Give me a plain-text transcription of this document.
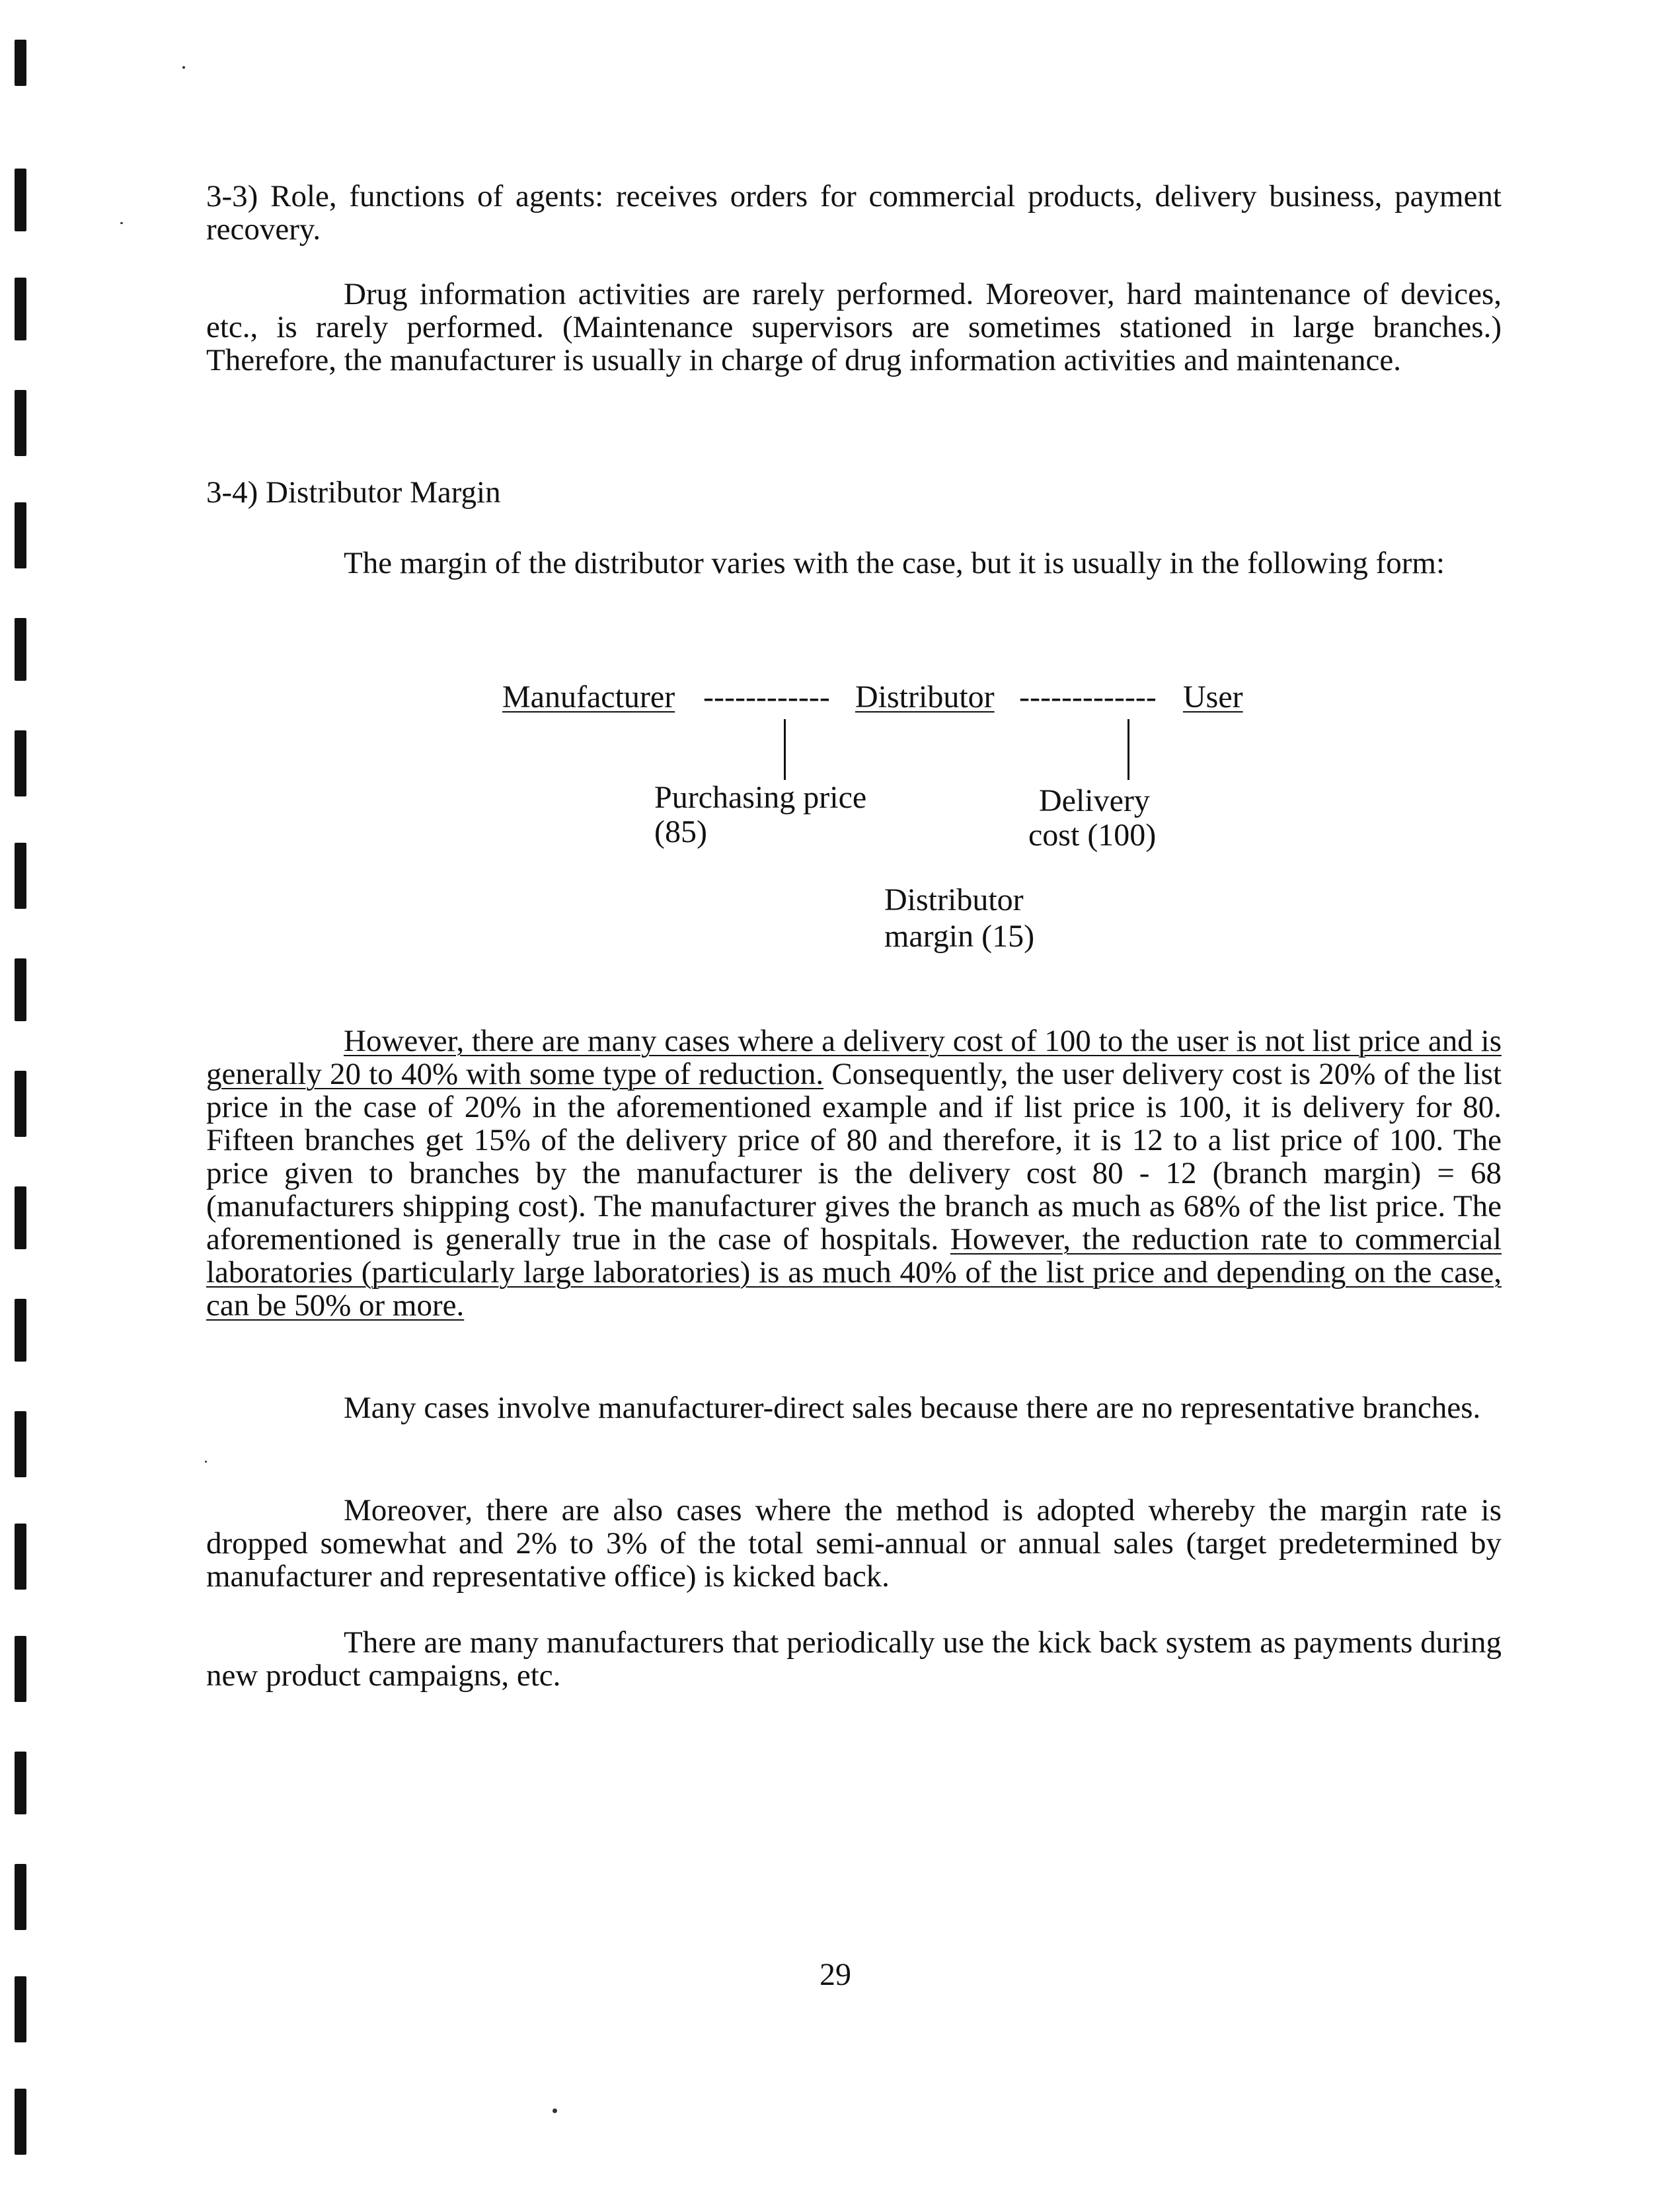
3-3) Role, functions of agents: receives orders for commercial products, delivery business, payment recovery.
Drug information activities are rarely performed. Moreover, hard maintenance of devices, etc., is rarely performed. (Maintenance supervisors are sometimes stationed in large branches.) Therefore, the manufacturer is usually in charge of drug information activities and maintenance.
3-4) Distributor Margin
The margin of the distributor varies with the case, but it is usually in the following form:
Manufacturer ------------ Distributor ------------- User
Purchasing price
(85)
Delivery
cost (100)
Distributor
margin (15)
However, there are many cases where a delivery cost of 100 to the user is not list price and is generally 20 to 40% with some type of reduction. Consequently, the user delivery cost is 20% of the list price in the case of 20% in the aforementioned example and if list price is 100, it is delivery for 80. Fifteen branches get 15% of the delivery price of 80 and therefore, it is 12 to a list price of 100. The price given to branches by the manufacturer is the delivery cost 80 - 12 (branch margin) = 68 (manufacturers shipping cost). The manufacturer gives the branch as much as 68% of the list price. The aforementioned is generally true in the case of hospitals. However, the reduction rate to commercial laboratories (particularly large laboratories) is as much 40% of the list price and depending on the case, can be 50% or more.
Many cases involve manufacturer-direct sales because there are no representative branches.
Moreover, there are also cases where the method is adopted whereby the margin rate is dropped somewhat and 2% to 3% of the total semi-annual or annual sales (target predetermined by manufacturer and representative office) is kicked back.
There are many manufacturers that periodically use the kick back system as payments during new product campaigns, etc.
29
